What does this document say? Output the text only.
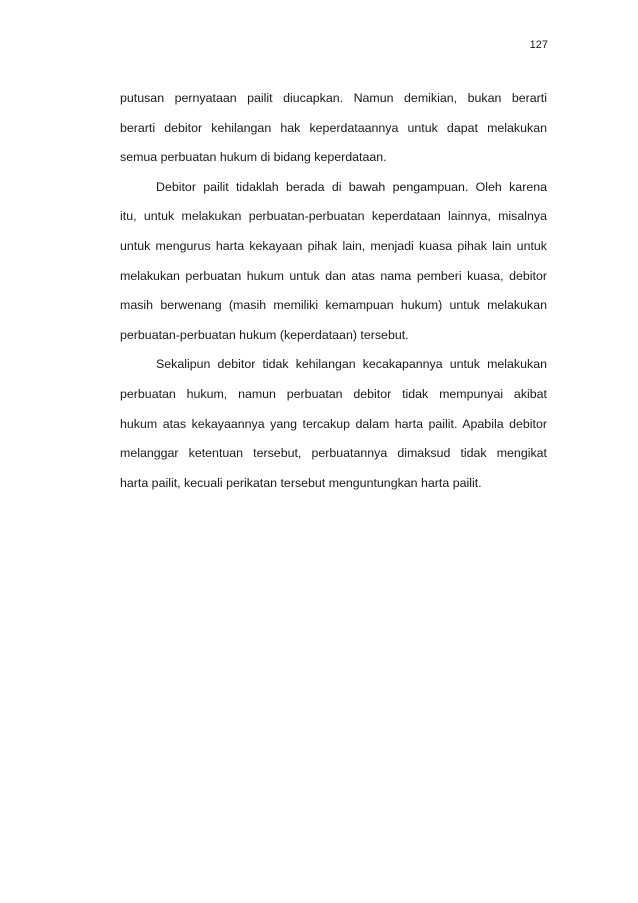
127

putusan pernyataan pailit diucapkan. Namun demikian, bukan berarti
berarti debitor kehilangan hak keperdataannya untuk dapat melakukan
semua perbuatan hukum di bidang keperdataan.

Debitor pailit tidaklah berada di bawah pengampuan. Oleh karena
itu, untuk melakukan perbuatan-perbuatan keperdataan lainnya, misalnya
untuk mengurus harta kekayaan pihak lain, menjadi kuasa pihak lain untuk
melakukan perbuatan hukum untuk dan atas nama pemberi kuasa, debitor
masih berwenang (masih memiliki kemampuan hukum) untuk melakukan
perbuatan-perbuatan hukum (keperdataan) tersebut.

Sekalipun debitor tidak kehilangan kecakapannya untuk melakukan
perbuatan hukum, namun perbuatan debitor tidak mempunyai akibat
hukum atas kekayaannya yang tercakup dalam harta pailit. Apabila debitor
melanggar ketentuan tersebut, perbuatannya dimaksud tidak mengikat
harta pailit, kecuali perikatan tersebut menguntungkan harta pailit.
